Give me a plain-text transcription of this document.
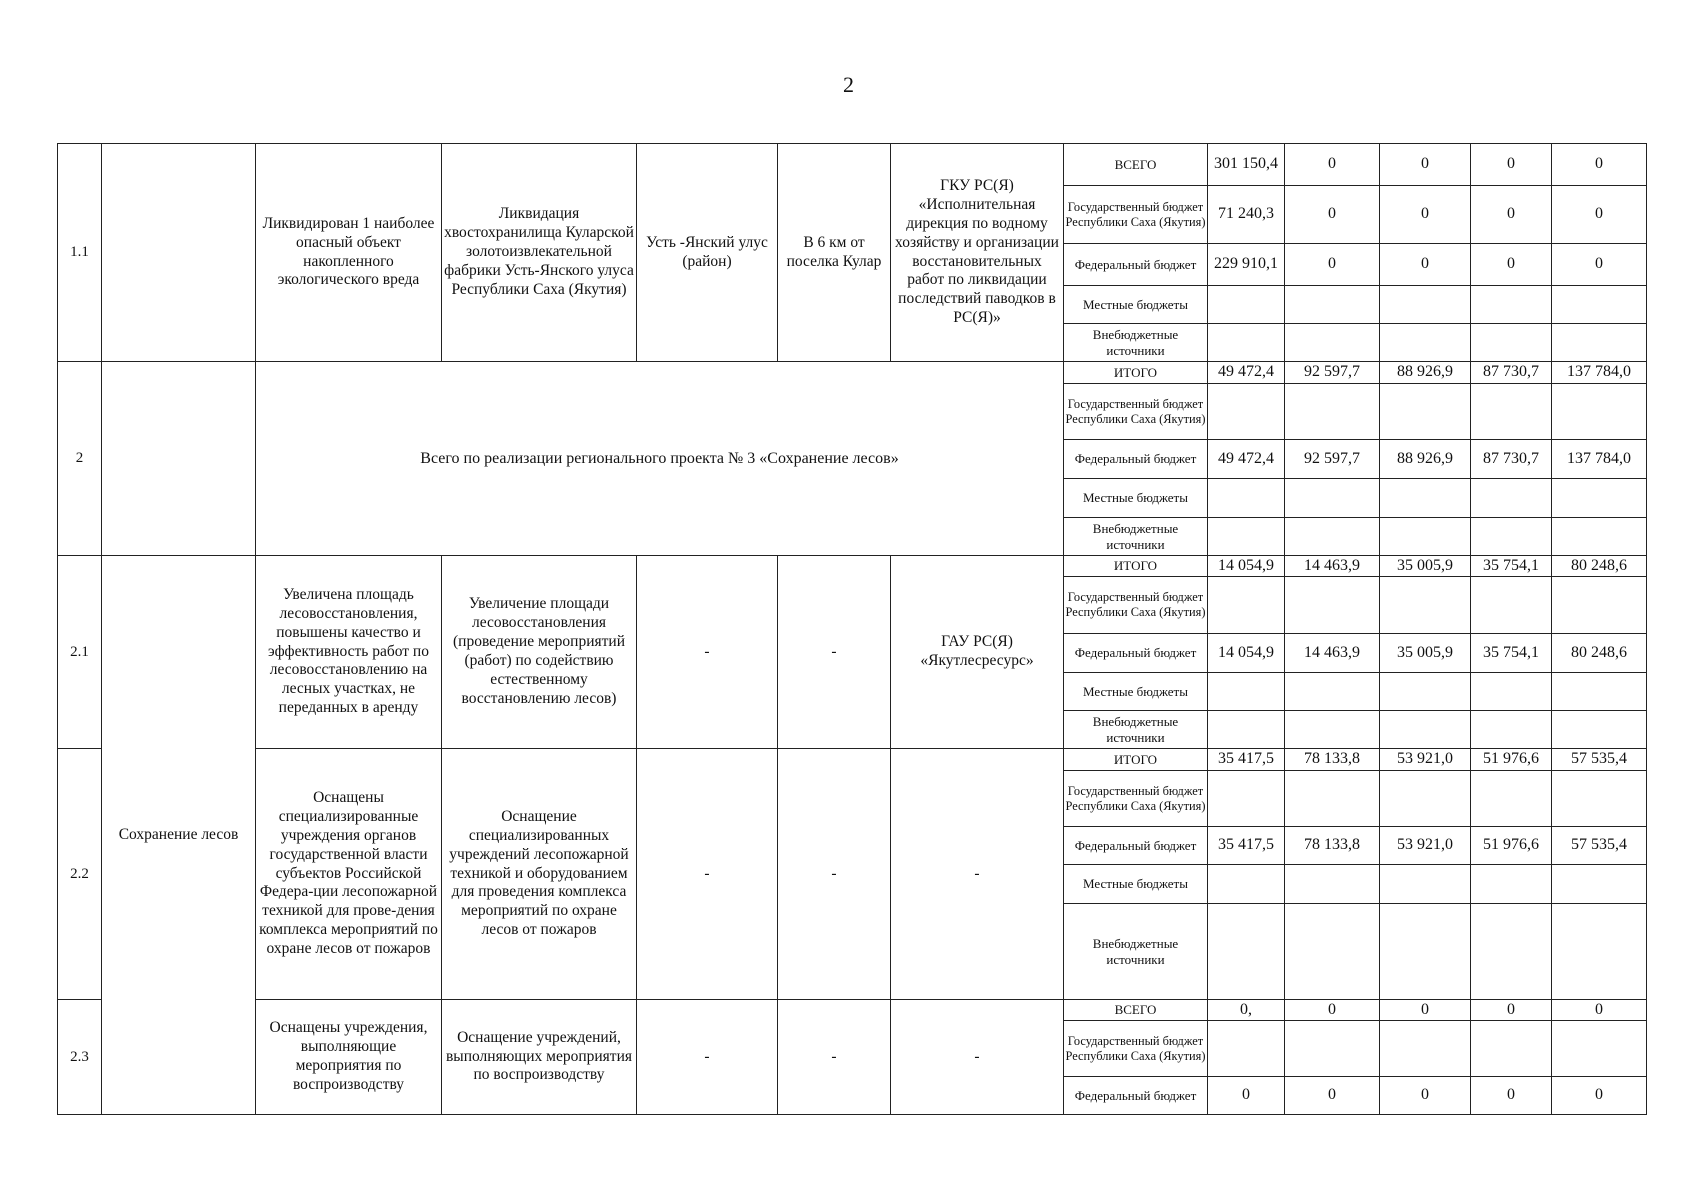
2
1.1		Ликвидирован 1 наиболее опасный объект накопленного экологического вреда	Ликвидация хвостохранилища Куларской золотоизвлекательной фабрики Усть-Янского улуса Республики Саха (Якутия)	Усть -Янский улус (район)	В 6 км от поселка Кулар	ГКУ РС(Я) «Исполнительная дирекция по водному хозяйству и организации восстановительных работ по ликвидации последствий паводков в РС(Я)»	ВСЕГО	301 150,4	0	0	0	0
							Государственный бюджет Республики Саха (Якутия)	71 240,3	0	0	0	0
							Федеральный бюджет	229 910,1	0	0	0	0
							Местные бюджеты					
							Внебюджетные источники					
2		Всего по реализации регионального проекта № 3 «Сохранение лесов»					ИТОГО	49 472,4	92 597,7	88 926,9	87 730,7	137 784,0
							Государственный бюджет Республики Саха (Якутия)					
							Федеральный бюджет	49 472,4	92 597,7	88 926,9	87 730,7	137 784,0
							Местные бюджеты					
							Внебюджетные источники					
2.1	Сохранение лесов	Увеличена площадь лесовосстановления, повышены качество и эффективность работ по лесовосстановлению на лесных участках, не переданных в аренду	Увеличение площади лесовосстановления (проведение мероприятий (работ) по содействию естественному восстановлению лесов)	-	-	ГАУ РС(Я) «Якутлесресурс»	ИТОГО	14 054,9	14 463,9	35 005,9	35 754,1	80 248,6
							Государственный бюджет Республики Саха (Якутия)					
							Федеральный бюджет	14 054,9	14 463,9	35 005,9	35 754,1	80 248,6
							Местные бюджеты					
							Внебюджетные источники					
2.2		Оснащены специализированные учреждения органов государственной власти субъектов Российской Федера-ции лесопожарной техникой для прове-дения комплекса мероприятий по охране лесов от пожаров	Оснащение специализированных учреждений лесопожарной техникой и оборудованием для проведения комплекса мероприятий по охране лесов от пожаров	-	-	-	ИТОГО	35 417,5	78 133,8	53 921,0	51 976,6	57 535,4
							Государственный бюджет Республики Саха (Якутия)					
							Федеральный бюджет	35 417,5	78 133,8	53 921,0	51 976,6	57 535,4
							Местные бюджеты					
							Внебюджетные источники					
2.3		Оснащены учреждения, выполняющие мероприятия по воспроизводству	Оснащение учреждений, выполняющих мероприятия по воспроизводству	-	-	-	ВСЕГО	0,	0	0	0	0
							Государственный бюджет Республики Саха (Якутия)					
							Федеральный бюджет	0	0	0	0	0
